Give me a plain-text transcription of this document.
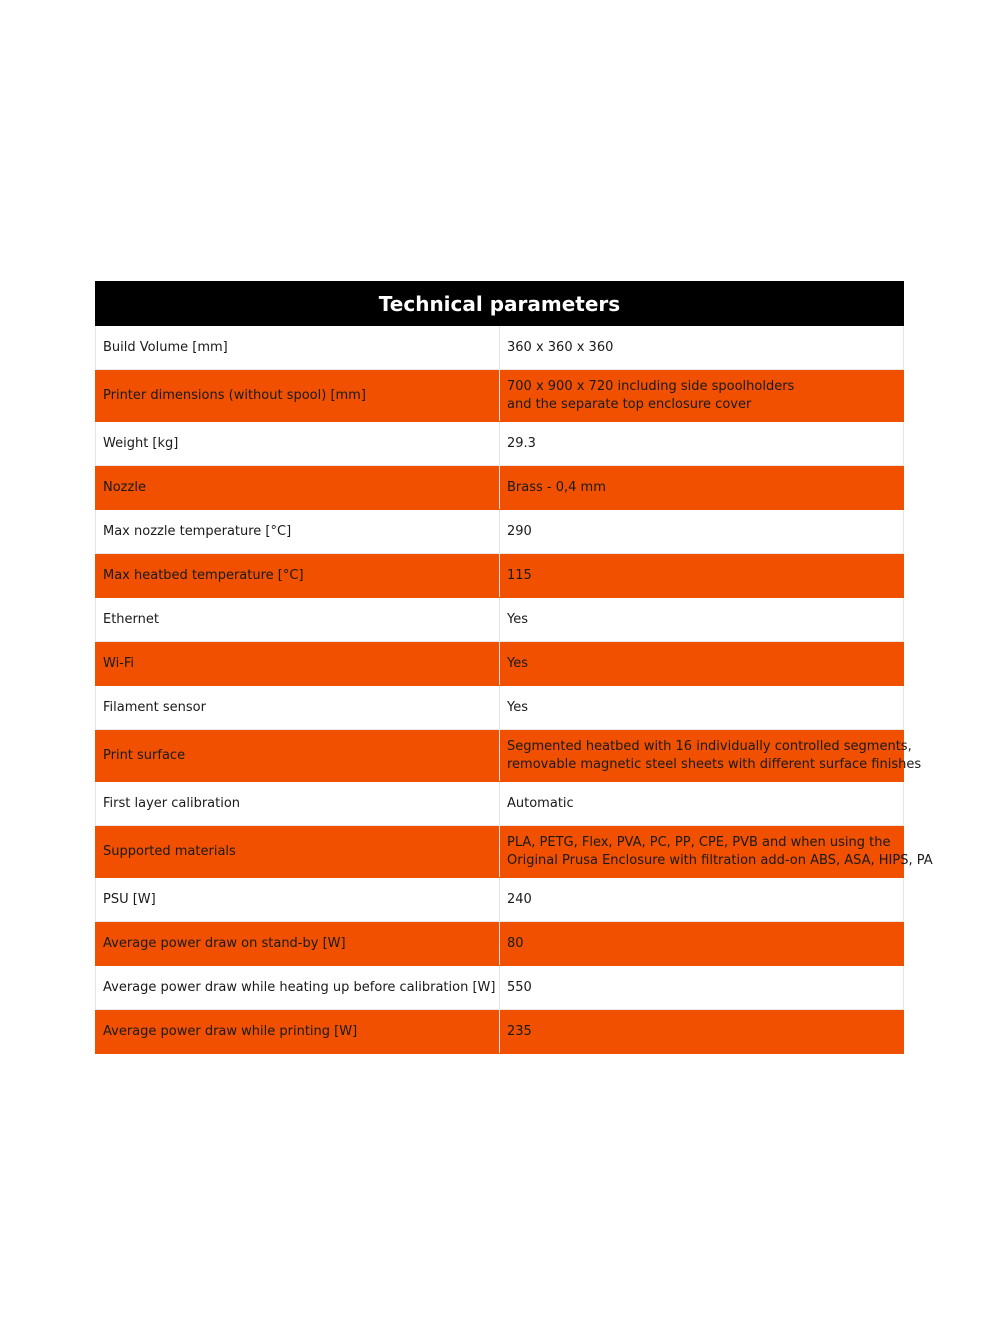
Technical parameters	
Build Volume [mm]	360 x 360 x 360

Printer dimensions (without spool) [mm]	700 x 900 x 720 including side spoolholders
and the separate top enclosure cover

Weight [kg]	29.3

Nozzle	Brass - 0,4 mm

Max nozzle temperature [°C]	290

Max heatbed temperature [°C]	115

Ethernet	Yes

Wi-Fi	Yes

Filament sensor	Yes

Print surface	Segmented heatbed with 16 individually controlled segments,
removable magnetic steel sheets with different surface finishes

First layer calibration	Automatic

Supported materials	PLA, PETG, Flex, PVA, PC, PP, CPE, PVB and when using the
Original Prusa Enclosure with filtration add-on ABS, ASA, HIPS, PA

PSU [W]	240

Average power draw on stand-by [W]	80

Average power draw while heating up before calibration [W]	550

Average power draw while printing [W]	235
